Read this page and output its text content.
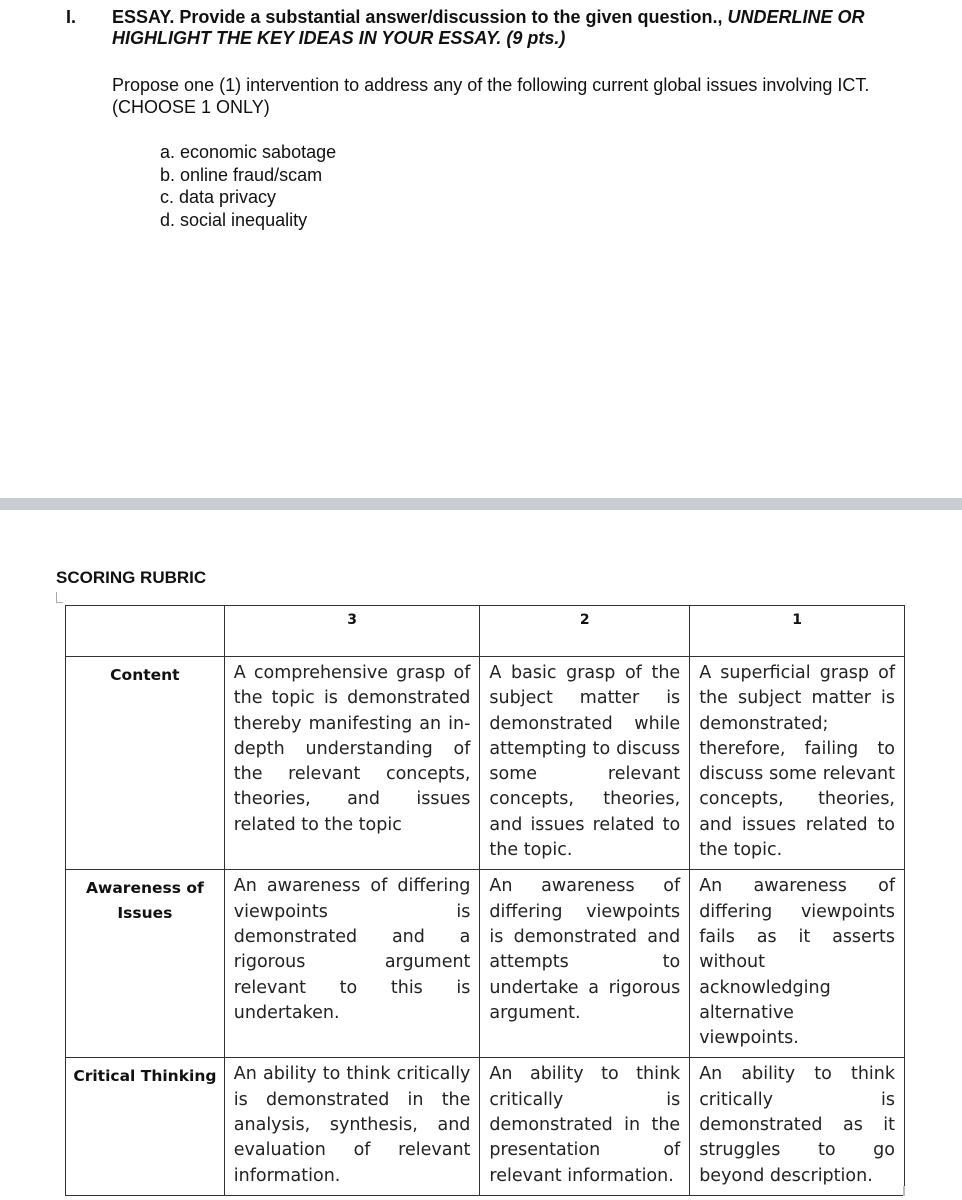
I. ESSAY. Provide a substantial answer/discussion to the given question., UNDERLINE OR HIGHLIGHT THE KEY IDEAS IN YOUR ESSAY. (9 pts.)
Propose one (1) intervention to address any of the following current global issues involving ICT. (CHOOSE 1 ONLY)
a. economic sabotage
b. online fraud/scam
c. data privacy
d. social inequality
SCORING RUBRIC
	3	2	1
Content	A comprehensive grasp of the topic is demonstrated thereby manifesting an in-depth understanding of the relevant concepts, theories, and issues related to the topic	A basic grasp of the subject matter is demonstrated while attempting to discuss some relevant concepts, theories, and issues related to the topic.	A superficial grasp of the subject matter is demonstrated; therefore, failing to discuss some relevant concepts, theories, and issues related to the topic.
Awareness of Issues	An awareness of differing viewpoints is demonstrated and a rigorous argument relevant to this is undertaken.	An awareness of differing viewpoints is demonstrated and attempts to undertake a rigorous argument.	An awareness of differing viewpoints fails as it asserts without acknowledging alternative viewpoints.
Critical Thinking	An ability to think critically is demonstrated in the analysis, synthesis, and evaluation of relevant information.	An ability to think critically is demonstrated in the presentation of relevant information.	An ability to think critically is demonstrated as it struggles to go beyond description.
